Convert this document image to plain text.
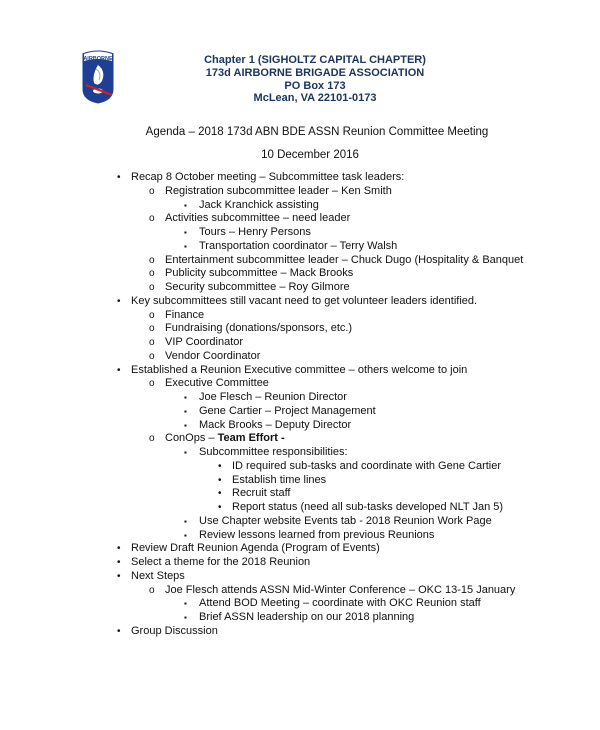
AIRBORNE	Chapter 1 (SIGHOLTZ CAPITAL CHAPTER)
173d AIRBORNE BRIGADE ASSOCIATION
PO Box 173
McLean, VA 22101-0173
Agenda – 2018 173d ABN BDE ASSN Reunion Committee Meeting
10 December 2016
• Recap 8 October meeting – Subcommittee task leaders:
o Registration subcommittee leader – Ken Smith
▪ Jack Kranchick assisting
o Activities subcommittee – need leader
▪ Tours – Henry Persons
▪ Transportation coordinator – Terry Walsh
o Entertainment subcommittee leader – Chuck Dugo (Hospitality & Banquet
o Publicity subcommittee – Mack Brooks
o Security subcommittee – Roy Gilmore
• Key subcommittees still vacant need to get volunteer leaders identified.
o Finance
o Fundraising (donations/sponsors, etc.)
o VIP Coordinator
o Vendor Coordinator
• Established a Reunion Executive committee – others welcome to join
o Executive Committee
▪ Joe Flesch – Reunion Director
▪ Gene Cartier – Project Management
▪ Mack Brooks – Deputy Director
o ConOps – Team Effort -
▪ Subcommittee responsibilities:
• ID required sub-tasks and coordinate with Gene Cartier
• Establish time lines
• Recruit staff
• Report status (need all sub-tasks developed NLT Jan 5)
▪ Use Chapter website Events tab - 2018 Reunion Work Page
▪ Review lessons learned from previous Reunions
• Review Draft Reunion Agenda (Program of Events)
• Select a theme for the 2018 Reunion
• Next Steps
o Joe Flesch attends ASSN Mid-Winter Conference – OKC 13-15 January
▪ Attend BOD Meeting – coordinate with OKC Reunion staff
▪ Brief ASSN leadership on our 2018 planning
• Group Discussion
